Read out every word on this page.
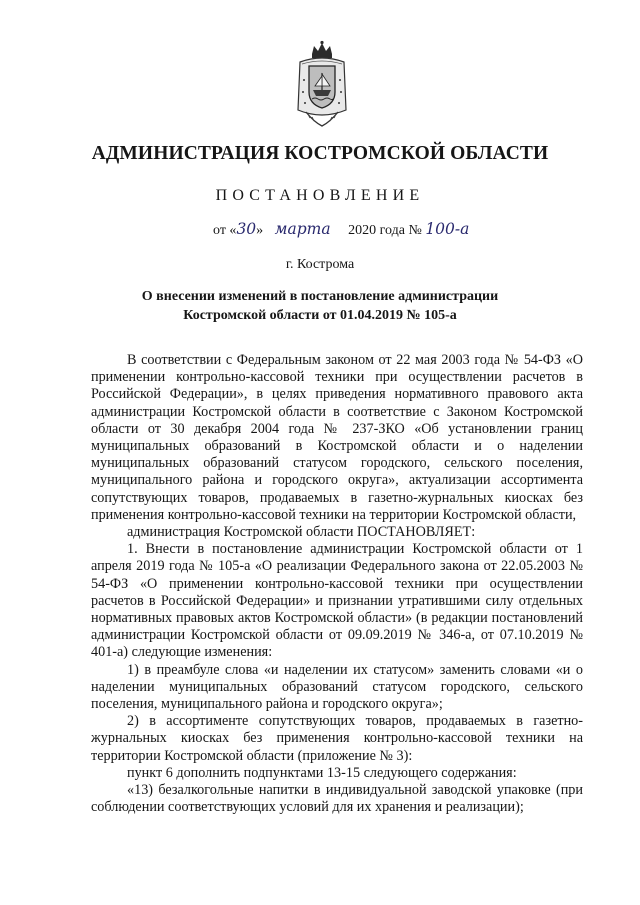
АДМИНИСТРАЦИЯ КОСТРОМСКОЙ ОБЛАСТИ
ПОСТАНОВЛЕНИЕ
от «30» марта 2020 года № 100-а
г. Кострома
О внесении изменений в постановление администрации
Костромской области от 01.04.2019 № 105-а

В соответствии с Федеральным законом от 22 мая 2003 года № 54-ФЗ «О применении контрольно-кассовой техники при осуществлении расчетов в Российской Федерации», в целях приведения нормативного правового акта администрации Костромской области в соответствие с Законом Костромской области от 30 декабря 2004 года № 237-ЗКО «Об установлении границ муниципальных образований в Костромской области и о наделении муниципальных образований статусом городского, сельского поселения, муниципального района и городского округа», актуализации ассортимента сопутствующих товаров, продаваемых в газетно-журнальных киосках без применения контрольно-кассовой техники на территории Костромской области,

администрация Костромской области ПОСТАНОВЛЯЕТ:

1. Внести в постановление администрации Костромской области от 1 апреля 2019 года № 105-а «О реализации Федерального закона от 22.05.2003 № 54-ФЗ «О применении контрольно-кассовой техники при осуществлении расчетов в Российской Федерации» и признании утратившими силу отдельных нормативных правовых актов Костромской области» (в редакции постановлений администрации Костромской области от 09.09.2019 № 346-а, от 07.10.2019 № 401-а) следующие изменения:

1) в преамбуле слова «и наделении их статусом» заменить словами «и о наделении муниципальных образований статусом городского, сельского поселения, муниципального района и городского округа»;

2) в ассортименте сопутствующих товаров, продаваемых в газетно-журнальных киосках без применения контрольно-кассовой техники на территории Костромской области (приложение № 3):

пункт 6 дополнить подпунктами 13-15 следующего содержания:

«13) безалкогольные напитки в индивидуальной заводской упаковке (при соблюдении соответствующих условий для их хранения и реализации);
